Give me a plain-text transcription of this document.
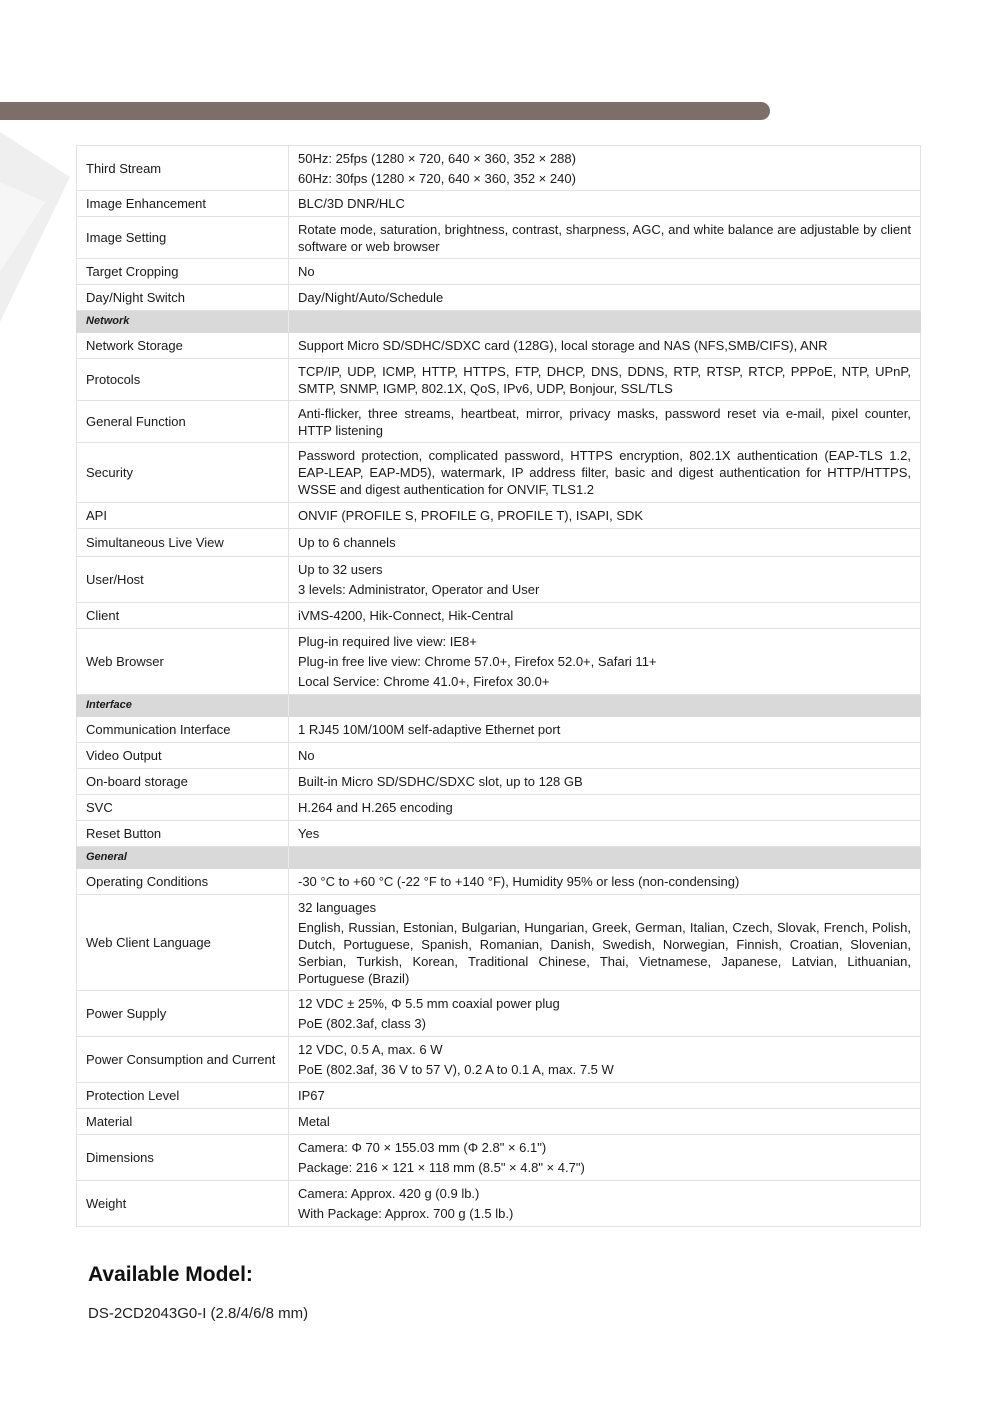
Third Stream	50Hz: 25fps (1280 × 720, 640 × 360, 352 × 288)
60Hz: 30fps (1280 × 720, 640 × 360, 352 × 240)

Image Enhancement	BLC/3D DNR/HLC

Image Setting	Rotate mode, saturation, brightness, contrast, sharpness, AGC, and white balance are adjustable by client software or web browser

Target Cropping	No

Day/Night Switch	Day/Night/Auto/Schedule

Network	
Network Storage	Support Micro SD/SDHC/SDXC card (128G), local storage and NAS (NFS,SMB/CIFS), ANR

Protocols	TCP/IP, UDP, ICMP, HTTP, HTTPS, FTP, DHCP, DNS, DDNS, RTP, RTSP, RTCP, PPPoE, NTP, UPnP, SMTP, SNMP, IGMP, 802.1X, QoS, IPv6, UDP, Bonjour, SSL/TLS

General Function	Anti-flicker, three streams, heartbeat, mirror, privacy masks, password reset via e-mail, pixel counter, HTTP listening

Security	Password protection, complicated password, HTTPS encryption, 802.1X authentication (EAP-TLS 1.2, EAP-LEAP, EAP-MD5), watermark, IP address filter, basic and digest authentication for HTTP/HTTPS, WSSE and digest authentication for ONVIF, TLS1.2

API	ONVIF (PROFILE S, PROFILE G, PROFILE T), ISAPI, SDK

Simultaneous Live View	Up to 6 channels

User/Host	Up to 32 users
3 levels: Administrator, Operator and User

Client	iVMS-4200, Hik-Connect, Hik-Central

Web Browser	Plug-in required live view: IE8+
Plug-in free live view: Chrome 57.0+, Firefox 52.0+, Safari 11+
Local Service: Chrome 41.0+, Firefox 30.0+

Interface	
Communication Interface	1 RJ45 10M/100M self-adaptive Ethernet port

Video Output	No

On-board storage	Built-in Micro SD/SDHC/SDXC slot, up to 128 GB

SVC	H.264 and H.265 encoding

Reset Button	Yes

General	
Operating Conditions	-30 °C to +60 °C (-22 °F to +140 °F), Humidity 95% or less (non-condensing)

Web Client Language	32 languages
English, Russian, Estonian, Bulgarian, Hungarian, Greek, German, Italian, Czech, Slovak, French, Polish, Dutch, Portuguese, Spanish, Romanian, Danish, Swedish, Norwegian, Finnish, Croatian, Slovenian, Serbian, Turkish, Korean, Traditional Chinese, Thai, Vietnamese, Japanese, Latvian, Lithuanian, Portuguese (Brazil)

Power Supply	12 VDC ± 25%, Φ 5.5 mm coaxial power plug
PoE (802.3af, class 3)

Power Consumption and Current	12 VDC, 0.5 A, max. 6 W
PoE (802.3af, 36 V to 57 V), 0.2 A to 0.1 A, max. 7.5 W

Protection Level	IP67

Material	Metal

Dimensions	Camera: Φ 70 × 155.03 mm (Φ 2.8" × 6.1")
Package: 216 × 121 × 118 mm (8.5" × 4.8" × 4.7")

Weight	Camera: Approx. 420 g (0.9 lb.)
With Package: Approx. 700 g (1.5 lb.)
Available Model:
DS-2CD2043G0-I (2.8/4/6/8 mm)
